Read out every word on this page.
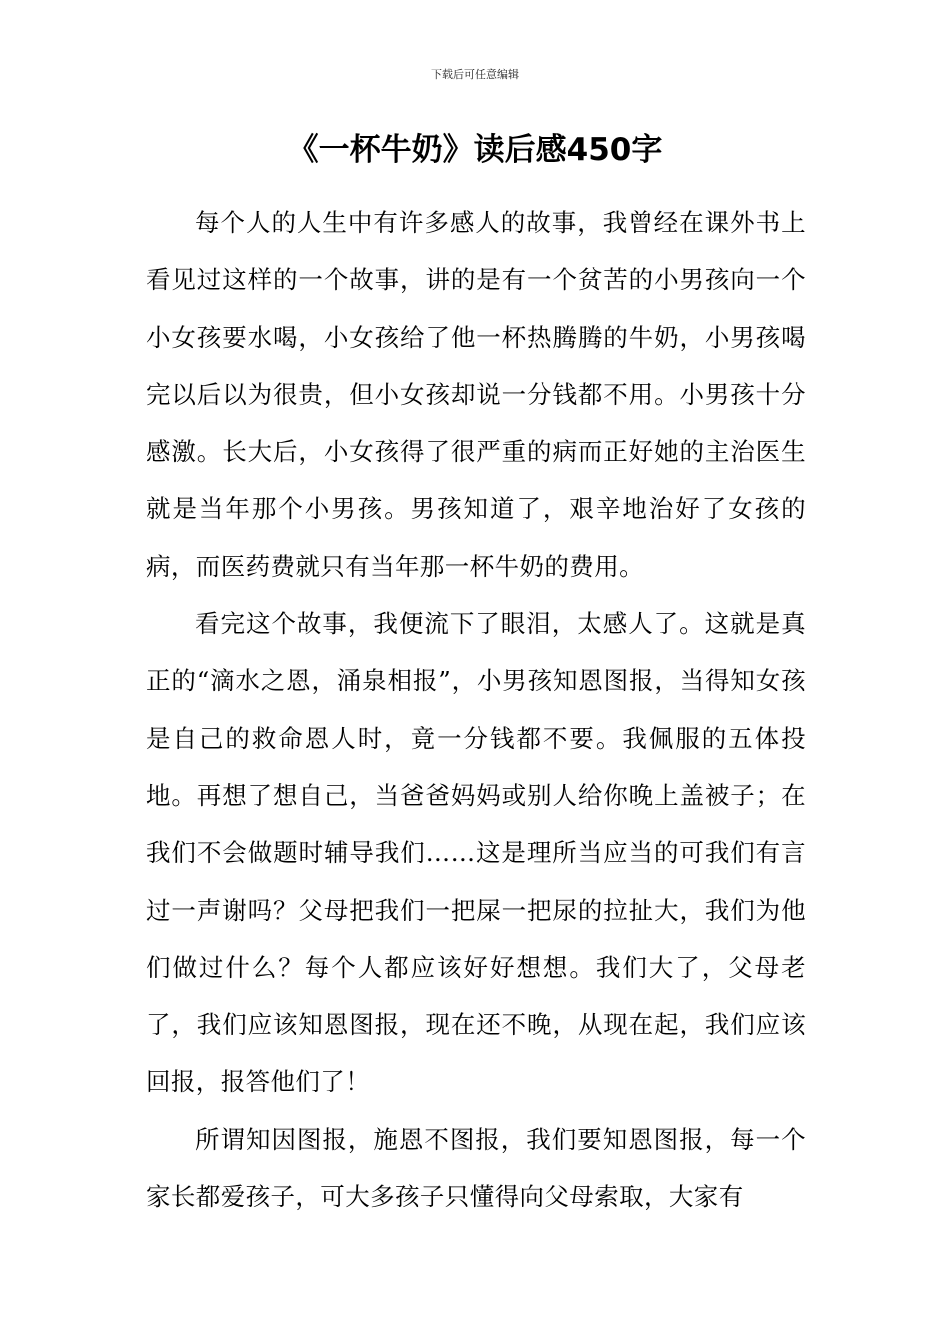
下载后可任意编辑
《一杯牛奶》读后感450字

每个人的人生中有许多感人的故事，我曾经在课外书上看见过这样的一个故事，讲的是有一个贫苦的小男孩向一个小女孩要水喝，小女孩给了他一杯热腾腾的牛奶，小男孩喝完以后以为很贵，但小女孩却说一分钱都不用。小男孩十分感激。长大后，小女孩得了很严重的病而正好她的主治医生就是当年那个小男孩。男孩知道了，艰辛地治好了女孩的病，而医药费就只有当年那一杯牛奶的费用。

看完这个故事，我便流下了眼泪，太感人了。这就是真正的“滴水之恩，涌泉相报”，小男孩知恩图报，当得知女孩是自己的救命恩人时，竟一分钱都不要。我佩服的五体投地。再想了想自己，当爸爸妈妈或别人给你晚上盖被子；在我们不会做题时辅导我们……这是理所当应当的可我们有言过一声谢吗？父母把我们一把屎一把尿的拉扯大，我们为他们做过什么？每个人都应该好好想想。我们大了，父母老了，我们应该知恩图报，现在还不晚，从现在起，我们应该回报，报答他们了！

所谓知因图报，施恩不图报，我们要知恩图报，每一个家长都爱孩子，可大多孩子只懂得向父母索取，大家有
